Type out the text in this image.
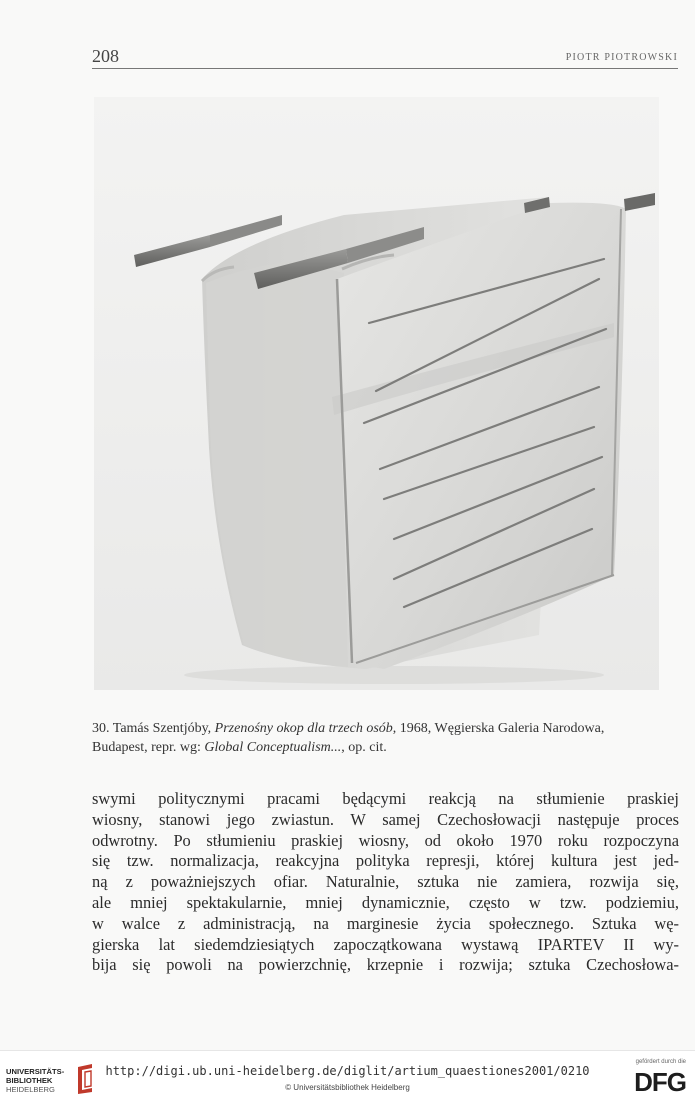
208	PIOTR PIOTROWSKI
30. Tamás Szentjóby, Przenośny okop dla trzech osób, 1968, Węgierska Galeria Narodowa,
Budapest, repr. wg: Global Conceptualism..., op. cit.
swymi politycznymi pracami będącymi reakcją na stłumienie praskiej
wiosny, stanowi jego zwiastun. W samej Czechosłowacji następuje proces
odwrotny. Po stłumieniu praskiej wiosny, od około 1970 roku rozpoczyna
się tzw. normalizacja, reakcyjna polityka represji, której kultura jest jed-
ną z poważniejszych ofiar. Naturalnie, sztuka nie zamiera, rozwija się,
ale mniej spektakularnie, mniej dynamicznie, często w tzw. podziemiu,
w walce z administracją, na marginesie życia społecznego. Sztuka wę-
gierska lat siedemdziesiątych zapoczątkowana wystawą IPARTEV II wy-
bija się powoli na powierzchnię, krzepnie i rozwija; sztuka Czechosłowa-
UNIVERSITÄTS-
BIBLIOTHEK
HEIDELBERG
http://digi.ub.uni-heidelberg.de/diglit/artium_quaestiones2001/0210
© Universitätsbibliothek Heidelberg
gefördert durch die
DFG
